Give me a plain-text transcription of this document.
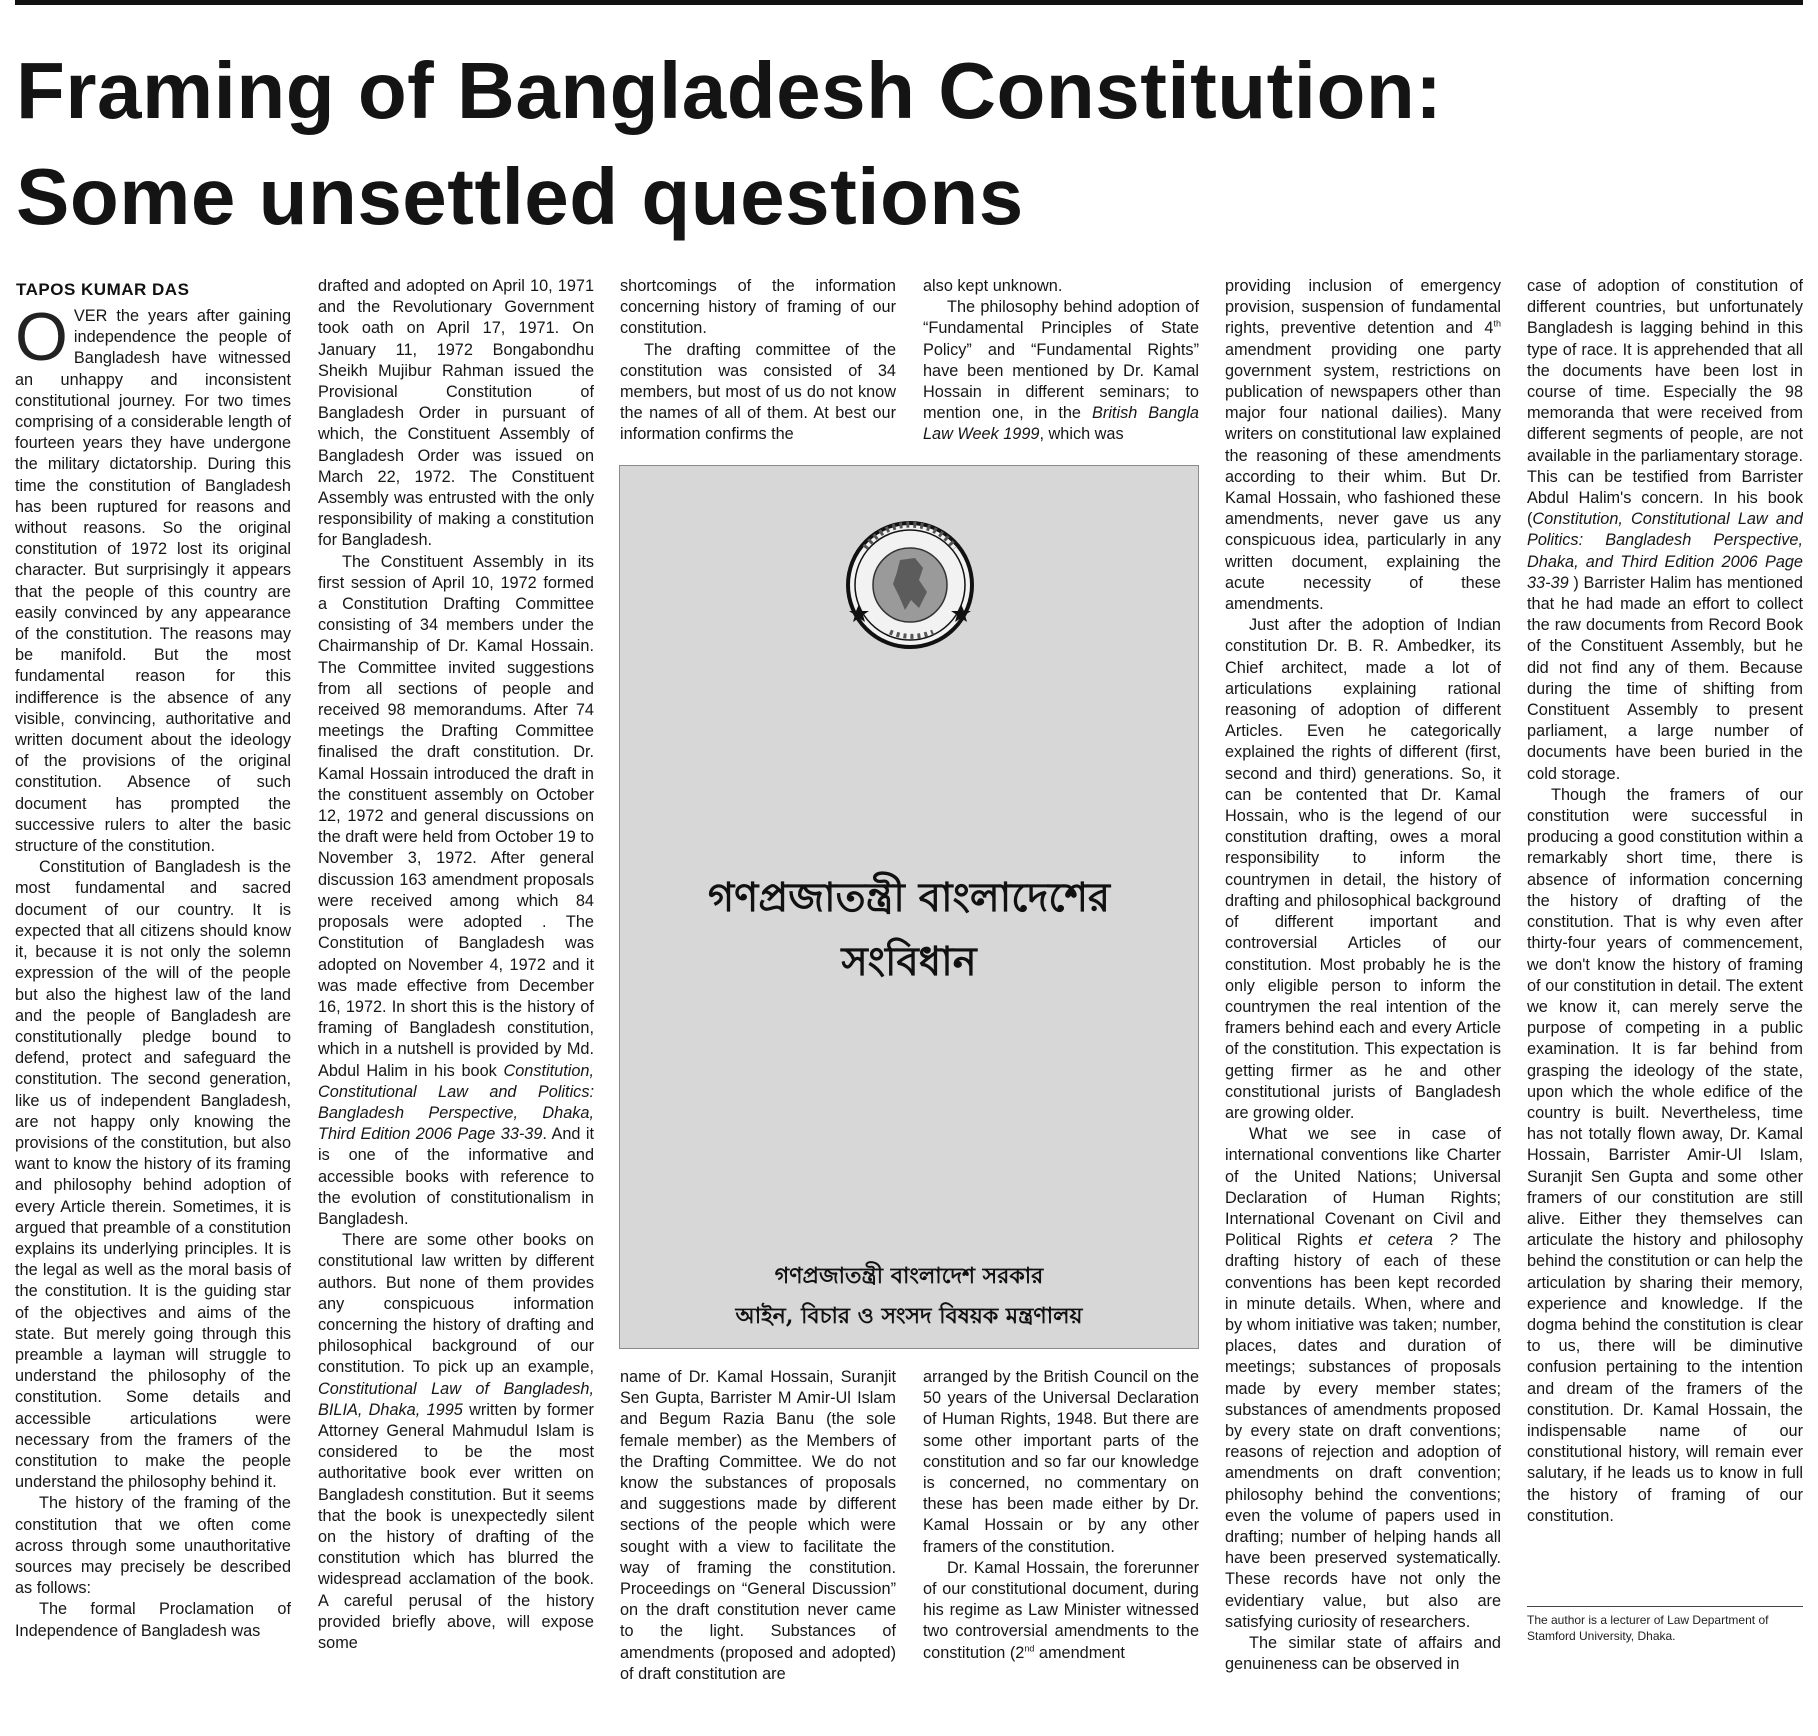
Framing of Bangladesh Constitution:
Some unsettled questions
TAPOS KUMAR DAS

OVER the years after gaining independence the people of Bangladesh have witnessed an unhappy and inconsistent constitutional journey. For two times comprising of a considerable length of fourteen years they have undergone the military dictatorship. During this time the constitution of Bangladesh has been ruptured for reasons and without reasons. So the original constitution of 1972 lost its original character. But surprisingly it appears that the people of this country are easily convinced by any appearance of the constitution. The reasons may be manifold. But the most fundamental reason for this indifference is the absence of any visible, convincing, authoritative and written document about the ideology of the provisions of the original constitution. Absence of such document has prompted the successive rulers to alter the basic structure of the constitution.

Constitution of Bangladesh is the most fundamental and sacred document of our country. It is expected that all citizens should know it, because it is not only the solemn expression of the will of the people but also the highest law of the land and the people of Bangladesh are constitutionally pledge bound to defend, protect and safeguard the constitution. The second generation, like us of independent Bangladesh, are not happy only knowing the provisions of the constitution, but also want to know the history of its framing and philosophy behind adoption of every Article therein. Sometimes, it is argued that preamble of a constitution explains its underlying principles. It is the legal as well as the moral basis of the constitution. It is the guiding star of the objectives and aims of the state. But merely going through this preamble a layman will struggle to understand the philosophy of the constitution. Some details and accessible articulations were necessary from the framers of the constitution to make the people understand the philosophy behind it.

The history of the framing of the constitution that we often come across through some unauthoritative sources may precisely be described as follows:

The formal Proclamation of Independence of Bangladesh was

drafted and adopted on April 10, 1971 and the Revolutionary Government took oath on April 17, 1971. On January 11, 1972 Bongabondhu Sheikh Mujibur Rahman issued the Provisional Constitution of Bangladesh Order in pursuant of which, the Constituent Assembly of Bangladesh Order was issued on March 22, 1972. The Constituent Assembly was entrusted with the only responsibility of making a constitution for Bangladesh.

The Constituent Assembly in its first session of April 10, 1972 formed a Constitution Drafting Committee consisting of 34 members under the Chairmanship of Dr. Kamal Hossain. The Committee invited suggestions from all sections of people and received 98 memorandums. After 74 meetings the Drafting Committee finalised the draft constitution. Dr. Kamal Hossain introduced the draft in the constituent assembly on October 12, 1972 and general discussions on the draft were held from October 19 to November 3, 1972. After general discussion 163 amendment proposals were received among which 84 proposals were adopted . The Constitution of Bangladesh was adopted on November 4, 1972 and it was made effective from December 16, 1972. In short this is the history of framing of Bangladesh constitution, which in a nutshell is provided by Md. Abdul Halim in his book Constitution, Constitutional Law and Politics: Bangladesh Perspective, Dhaka, Third Edition 2006 Page 33-39. And it is one of the informative and accessible books with reference to the evolution of constitutionalism in Bangladesh.

There are some other books on constitutional law written by different authors. But none of them provides any conspicuous information concerning the history of drafting and philosophical background of our constitution. To pick up an example, Constitutional Law of Bangladesh, BILIA, Dhaka, 1995 written by former Attorney General Mahmudul Islam is considered to be the most authoritative book ever written on Bangladesh constitution. But it seems that the book is unexpectedly silent on the history of drafting of the constitution which has blurred the widespread acclamation of the book. A careful perusal of the history provided briefly above, will expose some

shortcomings of the information concerning history of framing of our constitution.

The drafting committee of the constitution was consisted of 34 members, but most of us do not know the names of all of them. At best our information confirms the

also kept unknown.

The philosophy behind adoption of “Fundamental Principles of State Policy” and “Fundamental Rights” have been mentioned by Dr. Kamal Hossain in different seminars; to mention one, in the British Bangla Law Week 1999, which was

গণপ্রজাতন্ত্রী বাংলাদেশের
সংবিধান
গণপ্রজাতন্ত্রী বাংলাদেশ সরকার
আইন, বিচার ও সংসদ বিষয়ক মন্ত্রণালয়

name of Dr. Kamal Hossain, Suranjit Sen Gupta, Barrister M Amir-Ul Islam and Begum Razia Banu (the sole female member) as the Members of the Drafting Committee. We do not know the substances of proposals and suggestions made by different sections of the people which were sought with a view to facilitate the way of framing the constitution. Proceedings on “General Discussion” on the draft constitution never came to the light. Substances of amendments (proposed and adopted) of draft constitution are

arranged by the British Council on the 50 years of the Universal Declaration of Human Rights, 1948. But there are some other important parts of the constitution and so far our knowledge is concerned, no commentary on these has been made either by Dr. Kamal Hossain or by any other framers of the constitution.

Dr. Kamal Hossain, the forerunner of our constitutional document, during his regime as Law Minister witnessed two controversial amendments to the constitution (2nd amendment

providing inclusion of emergency provision, suspension of fundamental rights, preventive detention and 4th amendment providing one party government system, restrictions on publication of newspapers other than major four national dailies). Many writers on constitutional law explained the reasoning of these amendments according to their whim. But Dr. Kamal Hossain, who fashioned these amendments, never gave us any conspicuous idea, particularly in any written document, explaining the acute necessity of these amendments.

Just after the adoption of Indian constitution Dr. B. R. Ambedker, its Chief architect, made a lot of articulations explaining rational reasoning of adoption of different Articles. Even he categorically explained the rights of different (first, second and third) generations. So, it can be contented that Dr. Kamal Hossain, who is the legend of our constitution drafting, owes a moral responsibility to inform the countrymen in detail, the history of drafting and philosophical background of different important and controversial Articles of our constitution. Most probably he is the only eligible person to inform the countrymen the real intention of the framers behind each and every Article of the constitution. This expectation is getting firmer as he and other constitutional jurists of Bangladesh are growing older.

What we see in case of international conventions like Charter of the United Nations; Universal Declaration of Human Rights; International Covenant on Civil and Political Rights et cetera ? The drafting history of each of these conventions has been kept recorded in minute details. When, where and by whom initiative was taken; number, places, dates and duration of meetings; substances of proposals made by every member states; substances of amendments proposed by every state on draft conventions; reasons of rejection and adoption of amendments on draft convention; philosophy behind the conventions; even the volume of papers used in drafting; number of helping hands all have been preserved systematically. These records have not only the evidentiary value, but also are satisfying curiosity of researchers.

The similar state of affairs and genuineness can be observed in

case of adoption of constitution of different countries, but unfortunately Bangladesh is lagging behind in this type of race. It is apprehended that all the documents have been lost in course of time. Especially the 98 memoranda that were received from different segments of people, are not available in the parliamentary storage. This can be testified from Barrister Abdul Halim's concern. In his book (Constitution, Constitutional Law and Politics: Bangladesh Perspective, Dhaka, and Third Edition 2006 Page 33-39 ) Barrister Halim has mentioned that he had made an effort to collect the raw documents from Record Book of the Constituent Assembly, but he did not find any of them. Because during the time of shifting from Constituent Assembly to present parliament, a large number of documents have been buried in the cold storage.

Though the framers of our constitution were successful in producing a good constitution within a remarkably short time, there is absence of information concerning the history of drafting of the constitution. That is why even after thirty-four years of commencement, we don't know the history of framing of our constitution in detail. The extent we know it, can merely serve the purpose of competing in a public examination. It is far behind from grasping the ideology of the state, upon which the whole edifice of the country is built. Nevertheless, time has not totally flown away, Dr. Kamal Hossain, Barrister Amir-Ul Islam, Suranjit Sen Gupta and some other framers of our constitution are still alive. Either they themselves can articulate the history and philosophy behind the constitution or can help the articulation by sharing their memory, experience and knowledge. If the dogma behind the constitution is clear to us, there will be diminutive confusion pertaining to the intention and dream of the framers of the constitution. Dr. Kamal Hossain, the indispensable name of our constitutional history, will remain ever salutary, if he leads us to know in full the history of framing of our constitution.

The author is a lecturer of Law Department of Stamford University, Dhaka.
